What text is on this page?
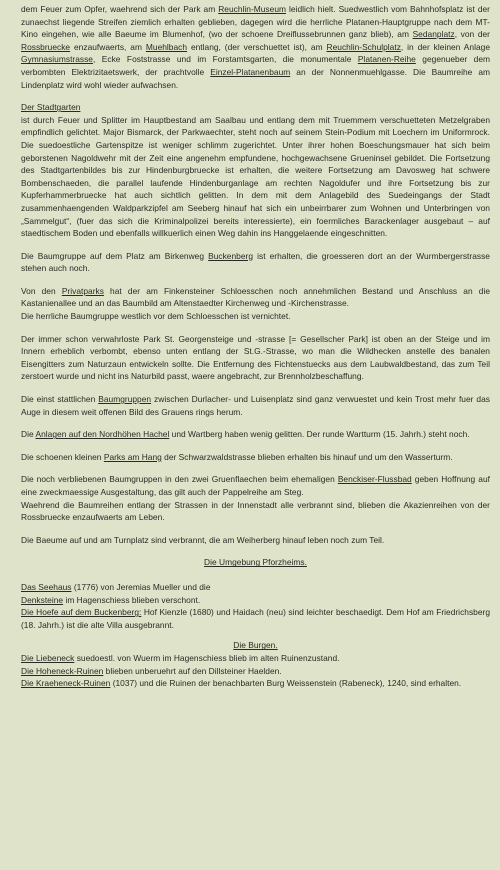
dem Feuer zum Opfer, waehrend sich der Park am Reuchlin-Museum leidlich hielt. Suedwestlich vom Bahnhofsplatz ist der zunaechst liegende Streifen ziemlich erhalten geblieben, dagegen wird die herrliche Platanen-Hauptgruppe nach dem MT-Kino eingehen, wie alle Baeume im Blumenhof, (wo der schoene Dreiflussebrunnen ganz blieb), am Sedanplatz, von der Rossbruecke enzaufwaerts, am Muehlbach entlang, (der verschuettet ist), am Reuchlin-Schulplatz, in der kleinen Anlage Gymnasiumstrasse, Ecke Foststrasse und im Forstamtsgarten, die monumentale Platanen-Reihe gegenueber dem verbombten Elektrizitaetswerk, der prachtvolle Einzel-Platanenbaum an der Nonnenmuehlgasse. Die Baumreihe am Lindenplatz wird wohl wieder aufwachsen.

Der Stadtgarten
ist durch Feuer und Splitter im Hauptbestand am Saalbau und entlang dem mit Truemmern verschuetteten Metzelgraben empfindlich gelichtet. Major Bismarck, der Parkwaechter, steht noch auf seinem Stein-Podium mit Loechern im Uniformrock. Die suedoestliche Gartenspitze ist weniger schlimm zugerichtet. Unter ihrer hohen Boeschungsmauer hat sich beim geborstenen Nagoldwehr mit der Zeit eine angenehm empfundene, hochgewachsene Grueninsel gebildet. Die Fortsetzung des Stadtgartenbildes bis zur Hindenburgbruecke ist erhalten, die weitere Fortsetzung am Davosweg hat schwere Bombenschaeden, die parallel laufende Hindenburganlage am rechten Nagoldufer und ihre Fortsetzung bis zur Kupferhammerbruecke hat auch sichtlich gelitten. In dem mit dem Anlagebild des Suedeingangs der Stadt zusammenhaengenden Waldparkzipfel am Seeberg hinauf hat sich ein unbeirrbarer zum Wohnen und Unterbringen von „Sammelgut“, (fuer das sich die Kriminalpolizei bereits interessierte), ein foermliches Barackenlager ausgebaut – auf staedtischem Boden und ebenfalls willkuerlich einen Weg dahin ins Hanggelaende eingeschnitten.

Die Baumgruppe auf dem Platz am Birkenweg Buckenberg ist erhalten, die groesseren dort an der Wurmbergerstrasse stehen auch noch.

Von den Privatparks hat der am Finkensteiner Schloesschen noch annehmlichen Bestand und Anschluss an die Kastanienallee und an das Baumbild am Altenstaedter Kirchenweg und -Kirchenstrasse.
Die herrliche Baumgruppe westlich vor dem Schloesschen ist vernichtet.

Der immer schon verwahrloste Park St. Georgensteige und -strasse [= Gesellscher Park] ist oben an der Steige und im Innern erheblich verbombt, ebenso unten entlang der St.G.-Strasse, wo man die Wildhecken anstelle des banalen Eisengitters zum Naturzaun entwickeln sollte. Die Entfernung des Fichtenstuecks aus dem Laubwaldbestand, das zum Teil zerstoert wurde und nicht ins Naturbild passt, waere angebracht, zur Brennholzbeschaffung.

Die einst stattlichen Baumgruppen zwischen Durlacher- und Luisenplatz sind ganz verwuestet und kein Trost mehr fuer das Auge in diesem weit offenen Bild des Grauens rings herum.

Die Anlagen auf den Nordhöhen Hachel und Wartberg haben wenig gelitten. Der runde Wartturm (15. Jahrh.) steht noch.

Die schoenen kleinen Parks am Hang der Schwarzwaldstrasse blieben erhalten bis hinauf und um den Wasserturm.

Die noch verbliebenen Baumgruppen in den zwei Gruenflaechen beim ehemaligen Benckiser-Flussbad geben Hoffnung auf eine zweckmaessige Ausgestaltung, das gilt auch der Pappelreihe am Steg.
Waehrend die Baumreihen entlang der Strassen in der Innenstadt alle verbrannt sind, blieben die Akazienreihen von der Rossbruecke enzaufwaerts am Leben.

Die Baeume auf und am Turnplatz sind verbrannt, die am Weiherberg hinauf leben noch zum Teil.

Die Umgebung Pforzheims.

Das Seehaus (1776) von Jeremias Mueller und die
Denksteine im Hagenschiess blieben verschont.
Die Hoefe auf dem Buckenberg: Hof Kienzle (1680) und Haidach (neu) sind leichter beschaedigt. Dem Hof am Friedrichsberg (18. Jahrh.) ist die alte Villa ausgebrannt.

Die Burgen.

Die Liebeneck suedoestl. von Wuerm im Hagenschiess blieb im alten Ruinenzustand.
Die Hoheneck-Ruinen blieben unberuehrt auf den Dillsteiner Haelden.
Die Kraeheneck-Ruinen (1037) und die Ruinen der benachbarten Burg Weissenstein (Rabeneck), 1240, sind erhalten.
